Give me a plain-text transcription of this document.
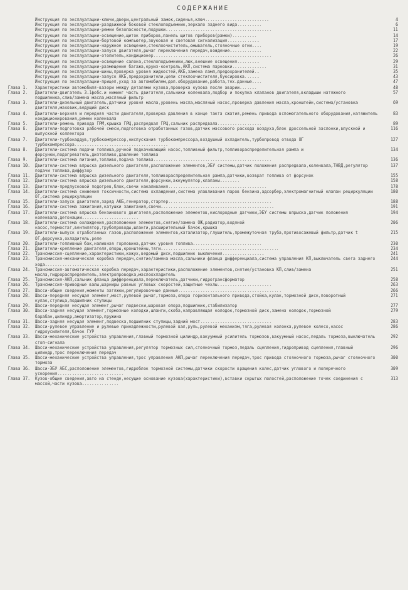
СОДЕРЖАНИЕ
Инструкция по эксплуатации-ключи,двери,центральный замок,сиденья,ключ..........................	4
Инструкция по эксплуатации-раздвижной боковой стеклоподъемник,зеркало заднего вида..........	6
Инструкция по эксплуатации-ремни безопасности,подушки...........................................	11
Инструкция по эксплуатации-освещение,щиток приборов,панель щитов приборов(рамки)..........	14
Инструкция по эксплуатации-бортовой компьютер,звуковая и световая сигнализация.............	17
Инструкция по эксплуатации-наружное освещение,стеклоочиститель,омыватель,стояночные огни....	19
Инструкция по эксплуатации-запуск двигателя,рычаг переключения передач,вождение.............	22
Инструкция по эксплуатации-отопитель,кондиционер................................................	26
Инструкция по эксплуатации-освещение салона,стеклоподъемники,люк,внешние освещения.........	29
Инструкция по эксплуатации-размещение багажа,круиз-контроль,АКП,система парковки..............	31
Инструкция по эксплуатации-шины,проверка уровня жидкостей,АКБ,замена ламп,предохранителей..	35
Инструкция по эксплуатации-запуск АКБ,предохранители,цепи стеклоочистителя,буксировка......	43
Инструкция по эксплуатации-прицеп,уход за автомобилем,доп.оборудование,работа,тех.данные....	47
Глава 1.	Характеристики автомобиля-вазори между деталями кузова,проверка кузова после аварии.......	48
Глава 2.	Двигатели-двигатель 3.1фобс.и ниминг часть двигателя,сальники коленвала,подбор и покупка клапанов двигателя,вкладыши натяжного подшипника,слив/замена масла,масляный фильтр
57
Глава 3.	Двигатели-дизельный двигатель,датчики уровня масла,уровень масла,масляный насос,проверка давления масла,кронштейн,система/установка двигателя,маховик,ведущий диск
69
Глава 4.	Двигатели-верхняя и передняя части двигателя,проверка давления в конце такта сжатия,ремень привода вспомогательного оборудования,натяжитель кондиционирования,ремни коленвала
83
Глава 5.	Двигатели-ремень привода ГРМ,крышка ГРЦ,распредвал ГРЦ,сальник распредвала..................	89
Глава 6.	Двигатели-подготовка рабочей смеси,подготовка отработанных газов,датчик массового расхода воздуха,блок дроссельной заслонки,впускной и выпускной коллектора
116
Глава 7.	Двигатели-турбонаддув,турбокомпрессор,ниспускания турбокомпрессора,воздушный охладитель,турбопровод отвода ОГ турбокомпрессора......................................
127
Глава 8.	Двигатели-система подачи топлива,ручной подкачивающий насос,топливный фильтр,топливораспределительная рампа и форсунки,подогреватель,дизтопливо,давление топлива
134
Глава 9.	Двигатели-система питания,топливо,подача топлива................................................	136
Глава 10.	Двигатели-система впрыска дизельного двигателя,расположение элементов,ЭБУ системы,датчик положения распредвала,коленвала,ТНВД,регулятор подачи топлива,диффузор
137
Глава 11.	Двигатели-система впрыска дизельного двигателя,топливораспределительная рампа,датчики,возврат топлива от форсунок	155
Глава 12.	Двигатели-система впрыска дизельного двигателя,форсунки,аккумулятор,клапаны........	158
Глава 13.	Двигатели-предпусковой подогрев,блок,свечи накаливания........................................	178
Глава 14.	Двигатели-система снижения токсичности,система охлаждения,система улавливания паров бензина,адсорбер,электромагнитный клапан рециркуляции ОГ,система рециркуляции
180
Глава 15.	Двигатели-запуск двигателя,заряд АКБ,генератор,стартер..........................................	188
Глава 16.	Двигатели-система зажигания,катушки зажигания,свечи..............................................	191
Глава 17.	Двигатели-система впрыска бензинового двигателя,расположение элементов,кислородные датчики,ЭБУ системы впрыска,датчик положения коленвала,детонации.......................
194
Глава 18.	Двигатели-система охлаждения,расположение элементов,снятие/замена ОЖ,радиатор,водяной насос,термостат,вентилятор,трубопроводы,шланги,расширительный бачок,крышка
206
Глава 19.	Двигатели-выпуск отработанных газов,расположение элементов,катализатор,глушитель,промежуточная труба,противосажевый фильтр,датчик t ОГ,форсунка,охладитель,реле
215
Глава 20.	Двигатели-топливный бак,наливная горловина,датчик уровня топлива............................	230
Глава 21.	Двигатели-крепление двигателя,опоры,кронштейны,тяги................................................	234
Глава 22.	Трансмиссия-сцепление,характеристики,кожух,ведомый диск,подшипник выключения.................	241
Глава 23.	Трансмиссия-механическая коробка передач,снятие/замена масла,сальники фланца дифференциала,система управления КП,выключатель света заднего хода..........................
244
Глава 24.	Трансмиссия-автоматическая коробка передач,характеристики,расположение элементов,снятие/установка КП,слив/замена масла,гидрораспределитель,электропроводка,маслоохладитель
251
Глава 25.	Трансмиссия-АКП,сальник фланца дифференциала,переключатель,датчики,гидротрансформатор	258
Глава 26.	Трансмиссия-приводные валы,шарниры равных угловых скоростей,защитные чехлы......................	263
Глава 27.	Шасси-общие сведения,моменты затяжки,регулировочные данные..........................................	266
Глава 28.	Шасси-передняя несущая элемент,мост,рулевой рычаг,тормоза,опора горизонтального привода,стойка,кулак,тормозной диск,поворотный кулак,ступица,подшипник ступицы
271
Глава 29.	Шасси-передняя несущая элемент,рычаг подвески,шаровая опора,подшипник,стабилизатор	277
Глава 30.	Шасси-задняя несущая элемент,тормозные колодки,шланги,скоба,направляющая колодок,тормозной диск,замена колодок,тормозной барабан,цилиндр,амортизатор,пружина
279
Глава 31.	Шасси-задняя несущая элемент,подвеска,подшипник ступицы,задний мост.............................	283
Глава 32.	Шасси-рулевое управление и рулевые принадлежности,рулевой вал,руль,рулевой механизм,тяга,рулевая колонка,рулевое колесо,насос гидроусилителя,бачок ГУР
286
Глава 33.	Шасси-механические устройства управления,главный тормозной цилиндр,вакуумный усилитель тормозов,вакуумный насос,педаль тормоза,выключатель стоп-сигнала
292
Глава 34.	Шасси-механические устройства управления,регулятор тормозных сил,стояночный тормоз,педаль сцепления,гидропривод сцепления,главный цилиндр,трос переключения передач
296
Глава 35.	Шасси-механические устройства управления,трос управления АКП,рычаг переключения передач,трос привода стояночного тормоза,рычаг стояночного тормоза
300
Глава 36.	Шасси-ЭБУ АБС,расположение элементов,гидроблок тормозной системы,датчики скорости вращения колес,датчик углового и поперечного ускорения...........................
309
Глава 37.	Кузов-общие сведения,авто на стенде,несущие основание кузова(характеристики),вставки скрытых полостей,расположение точек соединения с массой,части кузова...............
313
